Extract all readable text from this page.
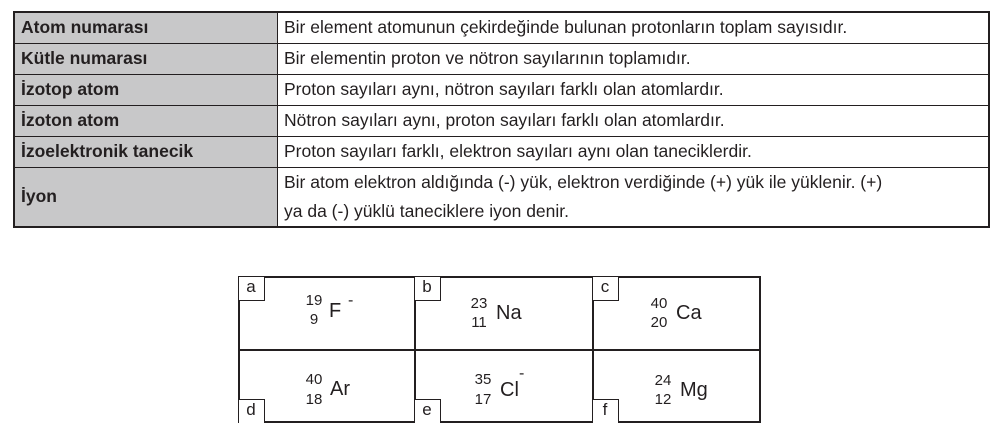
Atom numarası	Bir element atomunun çekirdeğinde bulunan protonların toplam sayısıdır.
Kütle numarası	Bir elementin proton ve nötron sayılarının toplamıdır.
İzotop atom	Proton sayıları aynı, nötron sayıları farklı olan atomlardır.
İzoton atom	Nötron sayıları aynı, proton sayıları farklı olan atomlardır.
İzoelektronik tanecik	Proton sayıları farklı, elektron sayıları aynı olan taneciklerdir.
İyon	Bir atom elektron aldığında (-) yük, elektron verdiğinde (+) yük ile yüklenir. (+)
ya da (-) yüklü taneciklere iyon denir.
a
19
9 F -
b
23
11 Na
c
40
20 Ca
40
18 Ar
d
35
17 Cl
-
e
24
12 Mg
f
